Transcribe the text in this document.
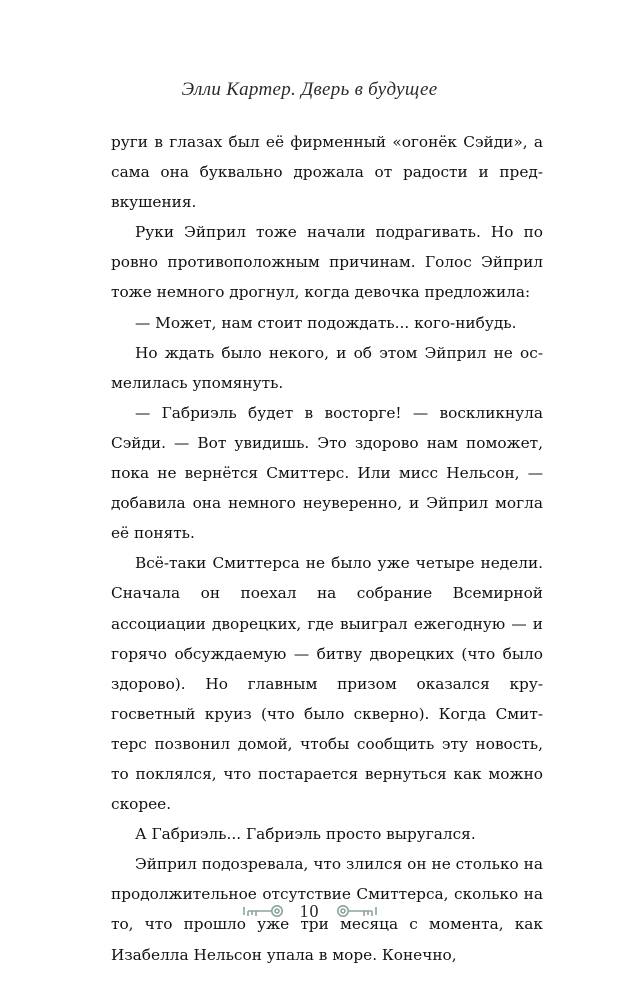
Элли Картер. Дверь в будущее

руги в глазах был её фирменный «огонёк Сэйди», а сама она буквально дрожала от радости и предвкушения.

Руки Эйприл тоже начали подрагивать. Но по ровно противоположным причинам. Голос Эйприл тоже немного дрогнул, когда девочка предложила:

— Может, нам стоит подождать... кого-нибудь.

Но ждать было некого, и об этом Эйприл не осмелилась упомянуть.

— Габриэль будет в восторге! — воскликнула Сэйди. — Вот увидишь. Это здорово нам поможет, пока не вернётся Смиттерс. Или мисс Нельсон, — добавила она немного неуверенно, и Эйприл могла её понять.

Всё-таки Смиттерса не было уже четыре недели. Сначала он поехал на собрание Всемирной ассоциации дворецких, где выиграл ежегодную — и горячо обсуждаемую — битву дворецких (что было здорово). Но главным призом оказался кругосветный круиз (что было скверно). Когда Смиттерс позвонил домой, чтобы сообщить эту новость, то поклялся, что постарается вернуться как можно скорее.

А Габриэль... Габриэль просто выругался.

Эйприл подозревала, что злился он не столько на продолжительное отсутствие Смиттерса, сколько на то, что прошло уже три месяца с момента, как Изабелла Нельсон упала в море. Конечно,

10
